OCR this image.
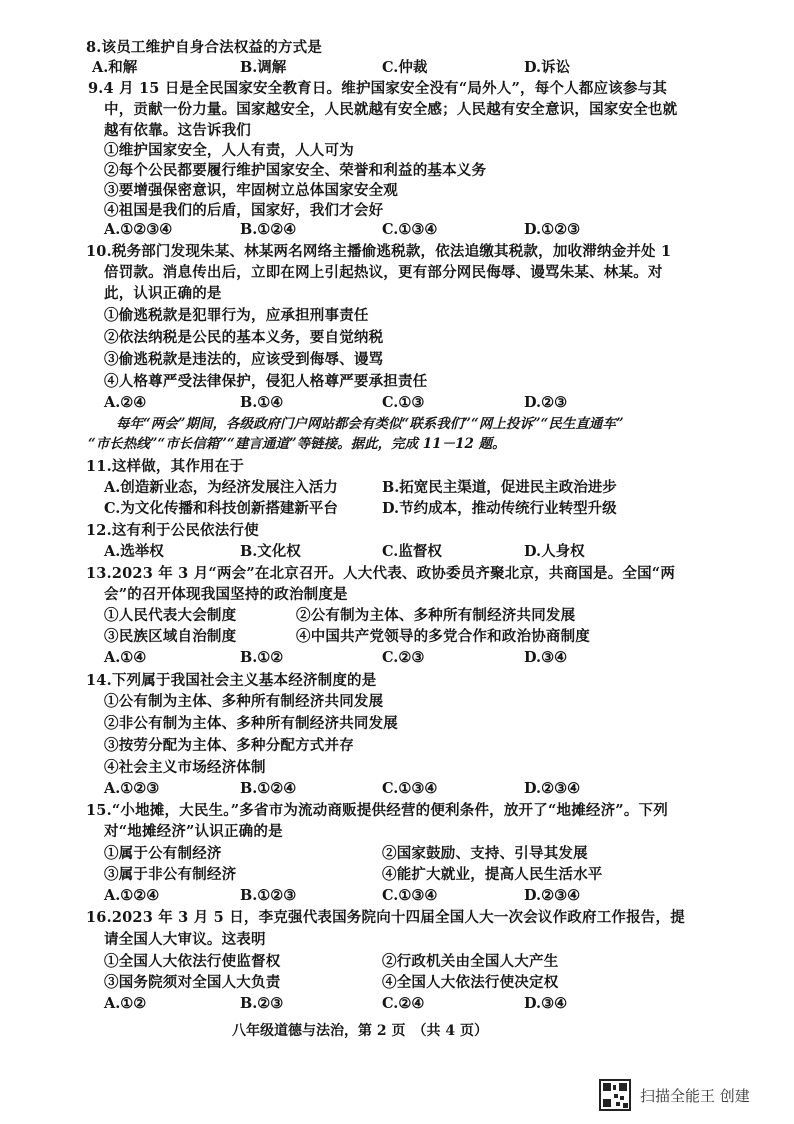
8.该员工维护自身合法权益的方式是
A.和解	B.调解	C.仲裁	D.诉讼
9.4 月 15 日是全民国家安全教育日。维护国家安全没有“局外人”，每个人都应该参与其
中，贡献一份力量。国家越安全，人民就越有安全感；人民越有安全意识，国家安全也就
越有依靠。这告诉我们
①维护国家安全，人人有责，人人可为
②每个公民都要履行维护国家安全、荣誉和利益的基本义务
③要增强保密意识，牢固树立总体国家安全观
④祖国是我们的后盾，国家好，我们才会好
A.①②③④	B.①②④	C.①③④	D.①②③
10.税务部门发现朱某、林某两名网络主播偷逃税款，依法追缴其税款，加收滞纳金并处 1
倍罚款。消息传出后，立即在网上引起热议，更有部分网民侮辱、谩骂朱某、林某。对
此，认识正确的是
①偷逃税款是犯罪行为，应承担刑事责任
②依法纳税是公民的基本义务，要自觉纳税
③偷逃税款是违法的，应该受到侮辱、谩骂
④人格尊严受法律保护，侵犯人格尊严要承担责任
A.②④	B.①④	C.①③	D.②③
每年“两会”期间，各级政府门户网站都会有类似“联系我们”“网上投诉”“民生直通车”
“市长热线”“市长信箱”“建言通道”等链接。据此，完成 11－12 题。
11.这样做，其作用在于
A.创造新业态，为经济发展注入活力	B.拓宽民主渠道，促进民主政治进步
C.为文化传播和科技创新搭建新平台	D.节约成本，推动传统行业转型升级
12.这有利于公民依法行使
A.选举权	B.文化权	C.监督权	D.人身权
13.2023 年 3 月“两会”在北京召开。人大代表、政协委员齐聚北京，共商国是。全国“两
会”的召开体现我国坚持的政治制度是
①人民代表大会制度	②公有制为主体、多种所有制经济共同发展
③民族区域自治制度	④中国共产党领导的多党合作和政治协商制度
A.①④	B.①②	C.②③	D.③④
14.下列属于我国社会主义基本经济制度的是
①公有制为主体、多种所有制经济共同发展
②非公有制为主体、多种所有制经济共同发展
③按劳分配为主体、多种分配方式并存
④社会主义市场经济体制
A.①②③	B.①②④	C.①③④	D.②③④
15.“小地摊，大民生。”多省市为流动商贩提供经营的便利条件，放开了“地摊经济”。下列
对“地摊经济”认识正确的是
①属于公有制经济	②国家鼓励、支持、引导其发展
③属于非公有制经济	④能扩大就业，提高人民生活水平
A.①②④	B.①②③	C.①③④	D.②③④
16.2023 年 3 月 5 日，李克强代表国务院向十四届全国人大一次会议作政府工作报告，提
请全国人大审议。这表明
①全国人大依法行使监督权	②行政机关由全国人大产生
③国务院须对全国人大负责	④全国人大依法行使决定权
A.①②	B.②③	C.②④	D.③④
八年级道德与法治，第 2 页　（共 4 页）
扫描全能王 创建
